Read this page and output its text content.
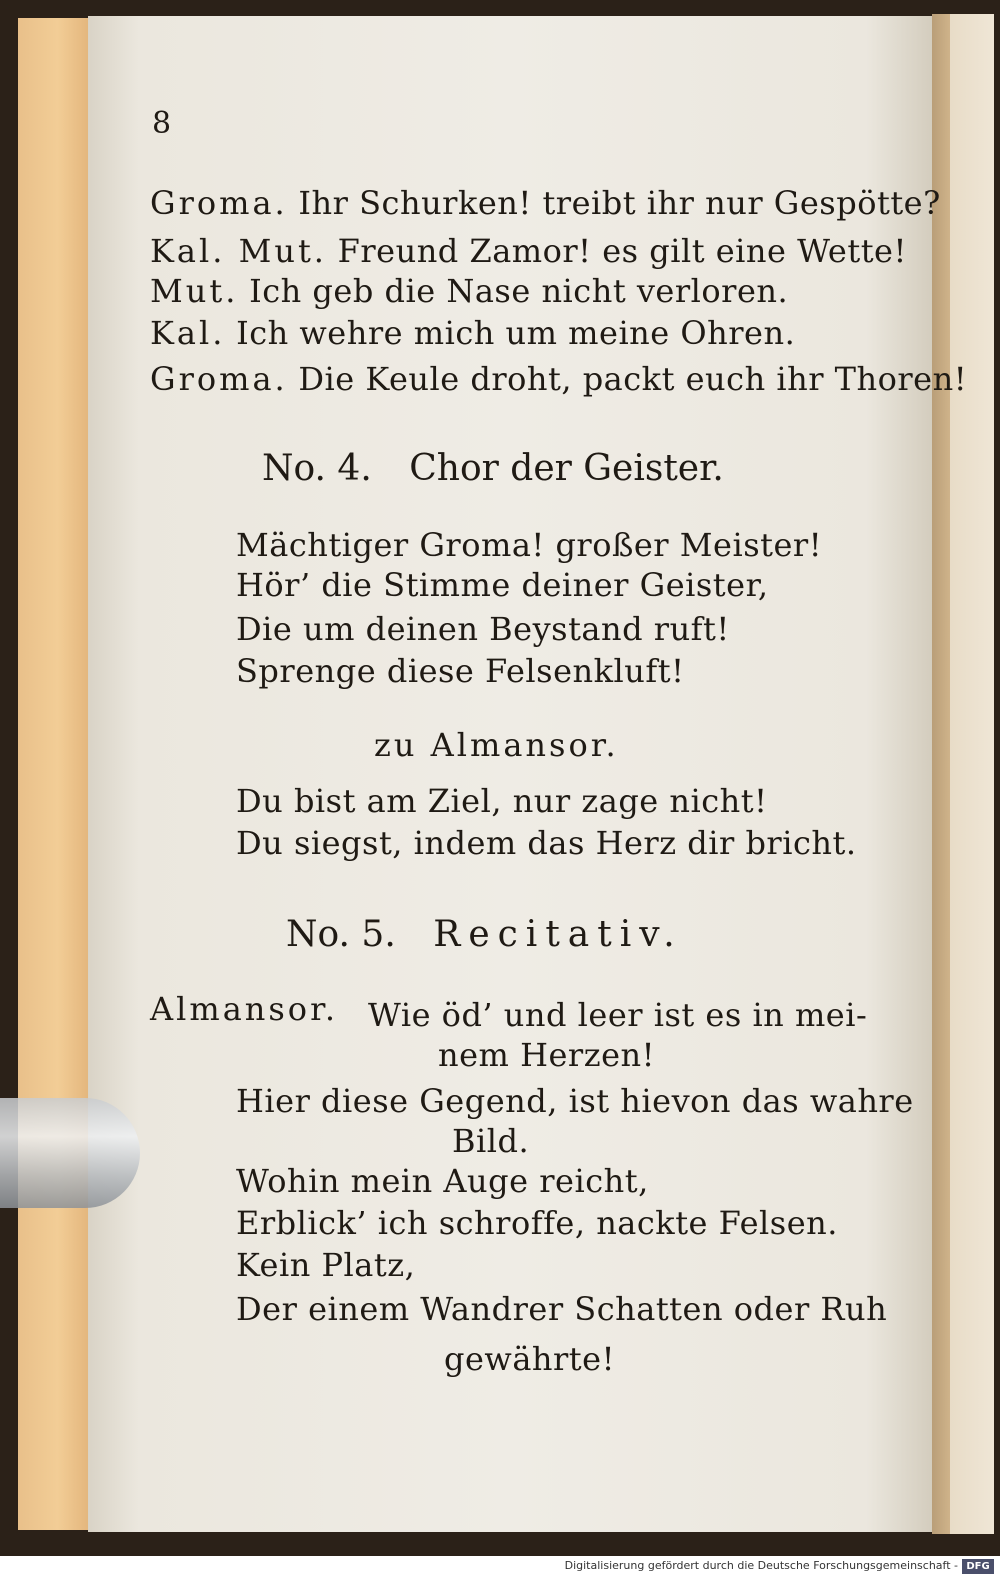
8
Groma. Ihr Schurken! treibt ihr nur Gespötte?
Kal. Mut. Freund Zamor! es gilt eine Wette!
Mut. Ich geb die Nase nicht verloren.
Kal. Ich wehre mich um meine Ohren.
Groma. Die Keule droht, packt euch ihr Thoren!
No. 4. Chor der Geister.
Mächtiger Groma! großer Meister!
Hör’ die Stimme deiner Geister,
Die um deinen Beystand ruft!
Sprenge diese Felsenkluft!
zu Almansor.
Du bist am Ziel, nur zage nicht!
Du siegst, indem das Herz dir bricht.
No. 5. Recitativ.
Almansor. Wie öd’ und leer ist es in mei-
nem Herzen!
Hier diese Gegend, ist hievon das wahre
Bild.
Wohin mein Auge reicht,
Erblick’ ich schroffe, nackte Felsen.
Kein Platz,
Der einem Wandrer Schatten oder Ruh
gewährte!
Digitalisierung gefördert durch die Deutsche Forschungsgemeinschaft - DFG
